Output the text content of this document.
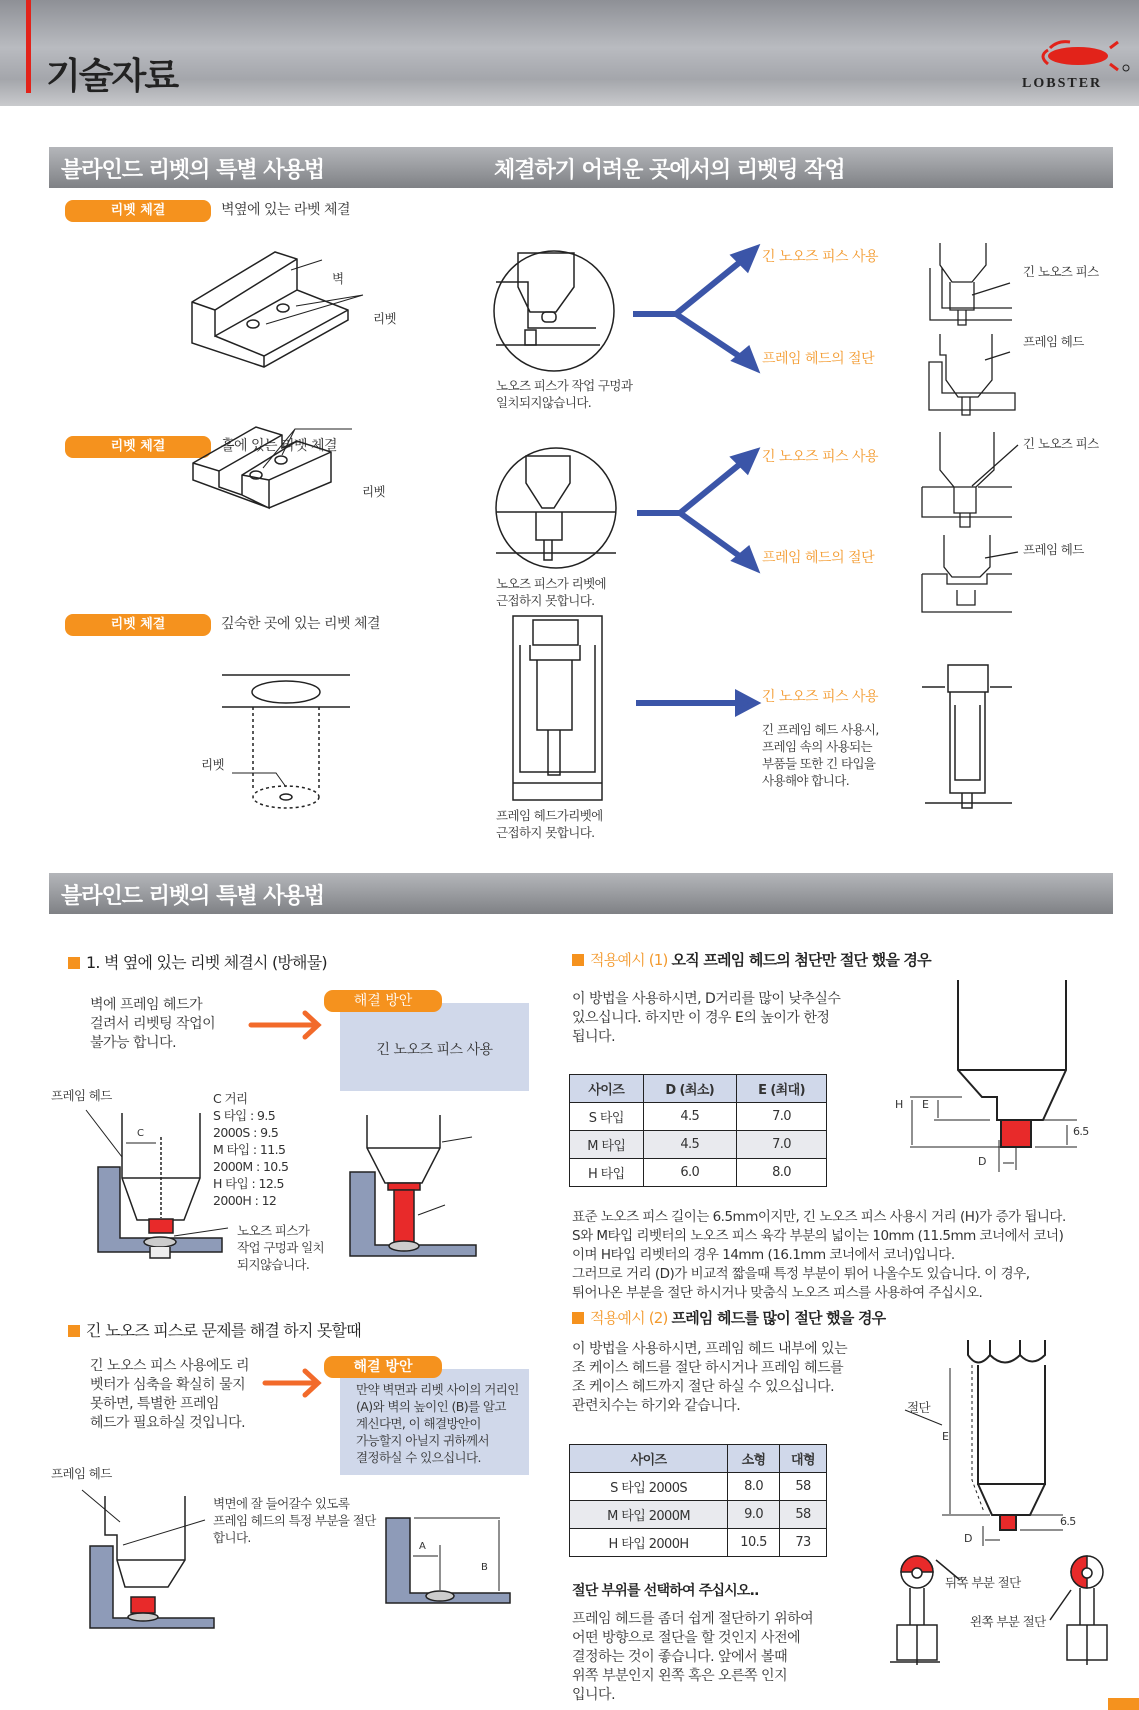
기술자료	LOBSTER
블라인드 리벳의 특별 사용법	체결하기 어려운 곳에서의 리벳팅 작업
리벳 체결	벽옆에 있는 라벳 체결
리벳 체결	홀에 있는 리벳 체결
리벳 체결	깊숙한 곳에 있는 리벳 체결
벽
리벳
리벳
리벳
노오즈 피스가 작업 구멍과
일치되지않습니다.
긴 노오즈 피스 사용
프레임 헤드의 절단
긴 노오즈 피스
프레임 헤드
노오즈 피스가 리벳에
근접하지 못합니다.
긴 노오즈 피스 사용
프레임 헤드의 절단
긴 노오즈 피스
프레임 헤드
프레임 헤드가리벳에
근접하지 못합니다.
긴 노오즈 피스 사용
긴 프레임 헤드 사용시,
프레임 속의 사용되는
부품들 또한 긴 타입을
사용해야 합니다.
블라인드 리벳의 특별 사용법
1. 벽 옆에 있는 리벳 체결시 (방해물)
벽에 프레임 헤드가
걸려서 리벳팅 작업이
불가능 합니다.	긴 노오즈 피스 사용
해결 방안
프레임 헤드
C
C 거리
S 타입 : 9.5
2000S : 9.5
M 타입 : 11.5
2000M : 10.5
H 타입 : 12.5
2000H : 12
노오즈 피스가
작업 구멍과 일치
되지않습니다.
긴 노오즈 피스로 문제를 해결 하지 못할때
긴 노오스 피스 사용에도 리
벳터가 심축을 확실히 물지
못하면, 특별한 프레임
헤드가 필요하실 것입니다.
만약 벽면과 리벳 사이의 거리인
(A)와 벽의 높이인 (B)를 알고
계신다면, 이 해결방안이
가능할지 아닐지 귀하께서
결정하실 수 있으십니다.
해결 방안
프레임 헤드
벽면에 잘 들어갈수 있도록
프레임 헤드의 특정 부분을 절단
합니다.
A
B
적용예시 (1) 오직 프레임 헤드의 첨단만 절단 했을 경우
이 방법을 사용하시면, D거리를 많이 낮추실수
있으십니다. 하지만 이 경우 E의 높이가 한정
됩니다.
사이즈	D (최소)	E (최대)
S 타입	4.5	7.0
M 타입	4.5	7.0
H 타입	6.0	8.0
H E
D
6.5
표준 노오즈 피스 길이는 6.5mm이지만, 긴 노오즈 피스 사용시 거리 (H)가 증가 됩니다.
S와 M타입 리벳터의 노오즈 피스 육각 부분의 넓이는 10mm (11.5mm 코너에서 코너)
이며 H타입 리벳터의 경우 14mm (16.1mm 코너에서 코너)입니다.
그러므로 거리 (D)가 비교적 짧을때 특정 부분이 튀어 나올수도 있습니다. 이 경우,
튀어나온 부분을 절단 하시거나 맞춤식 노오즈 피스를 사용하여 주십시오.
적용예시 (2) 프레임 헤드를 많이 절단 했을 경우
이 방법을 사용하시면, 프레임 헤드 내부에 있는
조 케이스 헤드를 절단 하시거나 프레임 헤드를
조 케이스 헤드까지 절단 하실 수 있으십니다.
관련치수는 하기와 같습니다.
사이즈	소형	대형
S 타입 2000S	8.0	58
M 타입 2000M	9.0	58
H 타입 2000H	10.5	73
절단
E
D
6.5
절단 부위를 선택하여 주십시오..
프레임 헤드를 좀더 쉽게 절단하기 위하여
어떤 방향으로 절단을 할 것인지 사전에
결정하는 것이 좋습니다. 앞에서 볼때
위쪽 부분인지 왼쪽 혹은 오른쪽 인지
입니다.
뒤쪽 부분 절단
왼쪽 부분 절단
